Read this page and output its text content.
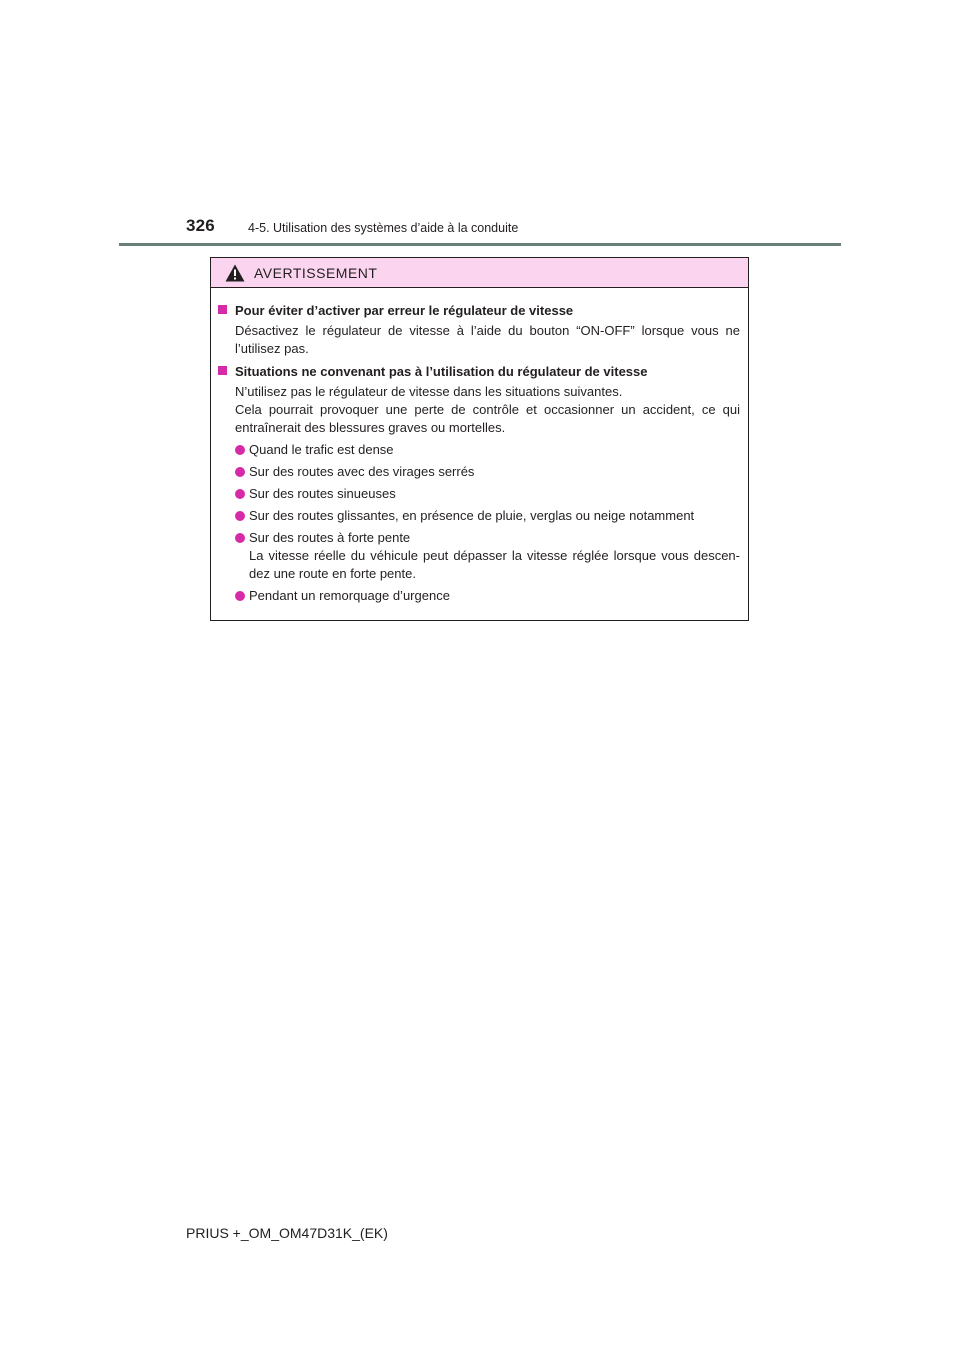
326	4-5. Utilisation des systèmes d’aide à la conduite
AVERTISSEMENT
Pour éviter d’activer par erreur le régulateur de vitesse
Désactivez le régulateur de vitesse à l’aide du bouton “ON-OFF” lorsque vous ne l’utilisez pas.
Situations ne convenant pas à l’utilisation du régulateur de vitesse
N’utilisez pas le régulateur de vitesse dans les situations suivantes.
Cela pourrait provoquer une perte de contrôle et occasionner un accident, ce qui entraînerait des blessures graves ou mortelles.
Quand le trafic est dense
Sur des routes avec des virages serrés
Sur des routes sinueuses
Sur des routes glissantes, en présence de pluie, verglas ou neige notamment
Sur des routes à forte pente
La vitesse réelle du véhicule peut dépasser la vitesse réglée lorsque vous descen-dez une route en forte pente.
Pendant un remorquage d’urgence
PRIUS +_OM_OM47D31K_(EK)
